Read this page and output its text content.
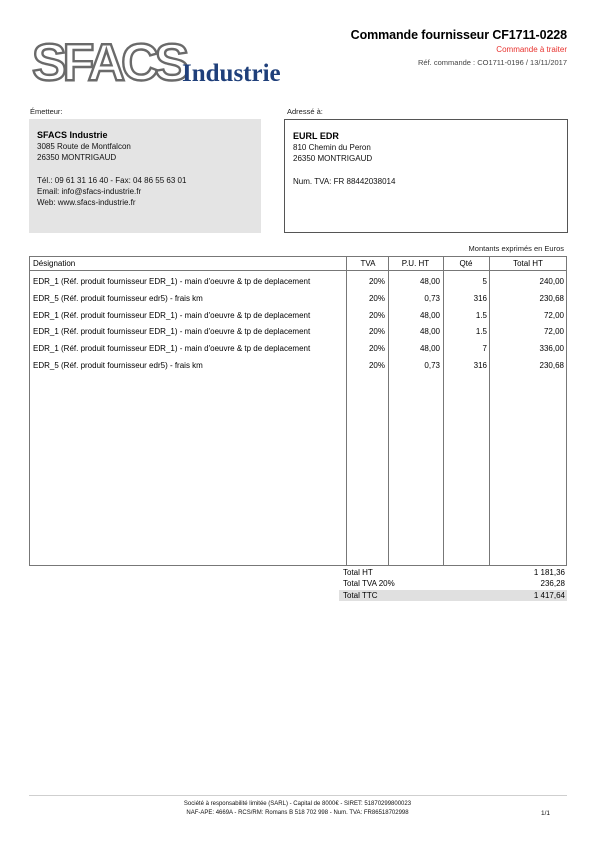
SFACS
Industrie
Commande fournisseur CF1711-0228
Commande à traiter
Réf. commande : CO1711-0196 / 13/11/2017
Émetteur:	Adressé à:
SFACS Industrie
3085 Route de Montfalcon
26350 MONTRIGAUD
Tél.: 09 61 31 16 40 - Fax: 04 86 55 63 01
Email: info@sfacs-industrie.fr
Web: www.sfacs-industrie.fr
EURL EDR
810 Chemin du Peron
26350 MONTRIGAUD
Num. TVA: FR 88442038014
Montants exprimés en Euros
Désignation	TVA	P.U. HT	Qté	Total HT
EDR_1 (Réf. produit fournisseur EDR_1) - main d'oeuvre & tp de deplacement	20%	48,00	5	240,00
EDR_5 (Réf. produit fournisseur edr5) - frais km	20%	0,73	316	230,68
EDR_1 (Réf. produit fournisseur EDR_1) - main d'oeuvre & tp de deplacement	20%	48,00	1.5	72,00
EDR_1 (Réf. produit fournisseur EDR_1) - main d'oeuvre & tp de deplacement	20%	48,00	1.5	72,00
EDR_1 (Réf. produit fournisseur EDR_1) - main d'oeuvre & tp de deplacement	20%	48,00	7	336,00
EDR_5 (Réf. produit fournisseur edr5) - frais km	20%	0,73	316	230,68
Total HT	1 181,36
Total TVA 20%	236,28
Total TTC	1 417,64
Société à responsabilité limitée (SARL) - Capital de 8000€ - SIRET: 51870299800023
NAF-APE: 4669A - RCS/RM: Romans B 518 702 998 - Num. TVA: FR86518702998	1/1
